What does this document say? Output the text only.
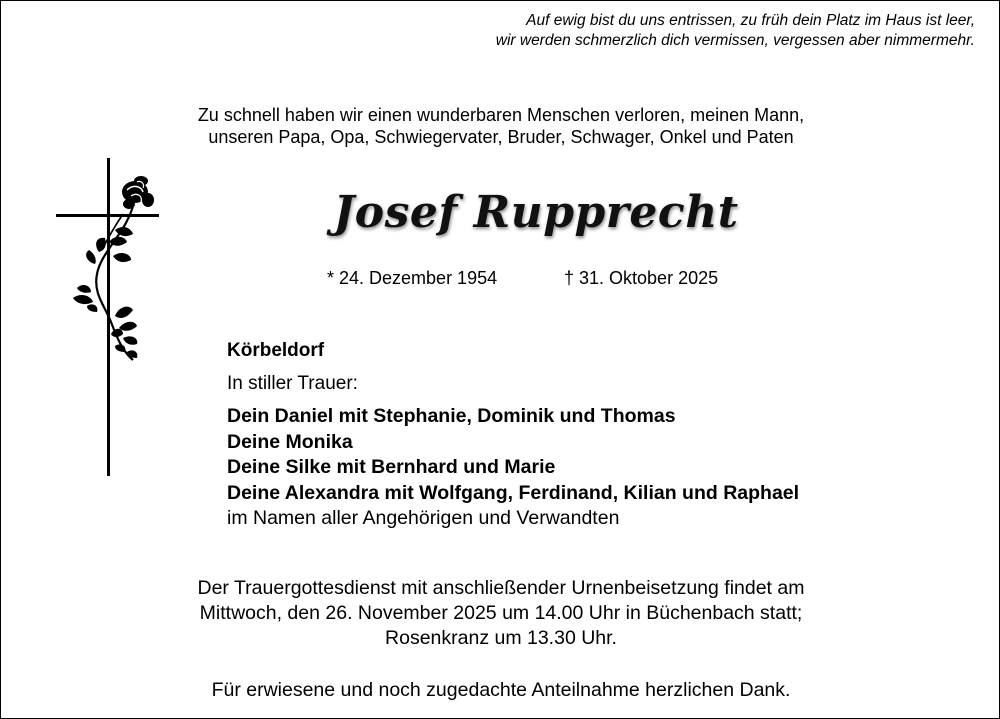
Auf ewig bist du uns entrissen, zu früh dein Platz im Haus ist leer,
wir werden schmerzlich dich vermissen, vergessen aber nimmermehr.
Zu schnell haben wir einen wunderbaren Menschen verloren, meinen Mann,
unseren Papa, Opa, Schwiegervater, Bruder, Schwager, Onkel und Paten
Josef Rupprecht
* 24. Dezember 1954	† 31. Oktober 2025
Körbeldorf
In stiller Trauer:
Dein Daniel mit Stephanie, Dominik und Thomas
Deine Monika
Deine Silke mit Bernhard und Marie
Deine Alexandra mit Wolfgang, Ferdinand, Kilian und Raphael
im Namen aller Angehörigen und Verwandten
Der Trauergottesdienst mit anschließender Urnenbeisetzung findet am
Mittwoch, den 26. November 2025 um 14.00 Uhr in Büchenbach statt;
Rosenkranz um 13.30 Uhr.
Für erwiesene und noch zugedachte Anteilnahme herzlichen Dank.
